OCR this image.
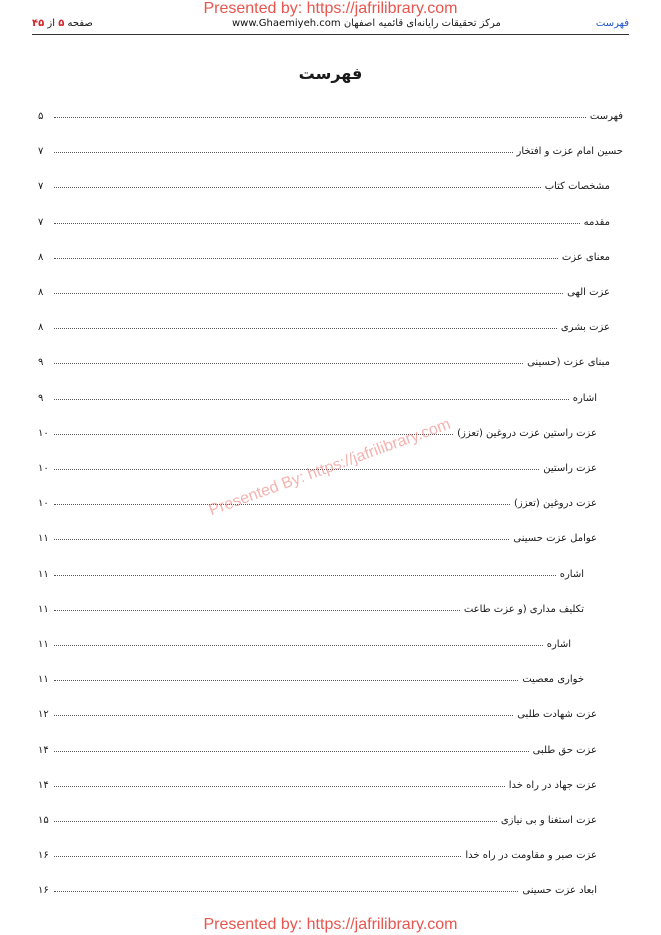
Presented by: https://jafrilibrary.com
فهرست
مرکز تحقیقات رایانه‌ای قائمیه اصفهان www.Ghaemiyeh.com
صفحه ۵ از ۴۵
فهرست
فهرست
۵
حسین امام عزت و افتخار
۷
مشخصات کتاب
۷
مقدمه
۷
معنای عزت
۸
عزت الهی
۸
عزت بشری
۸
مبنای عزت (حسینی
۹
اشاره
۹
عزت راستین عزت دروغین (تعزز)
۱۰
عزت راستین
۱۰
عزت دروغین (تعزز)
۱۰
عوامل عزت حسینی
۱۱
اشاره
۱۱
تکلیف مداری (و عزت طاعت
۱۱
اشاره
۱۱
خواری معصیت
۱۱
عزت شهادت طلبی
۱۲
عزت حق طلبی
۱۴
عزت جهاد در راه خدا
۱۴
عزت استغنا و بی نیازی
۱۵
عزت صبر و مقاومت در راه خدا
۱۶
ابعاد عزت حسینی
۱۶
Presented By: https://jafrilibrary.com
Presented by: https://jafrilibrary.com
